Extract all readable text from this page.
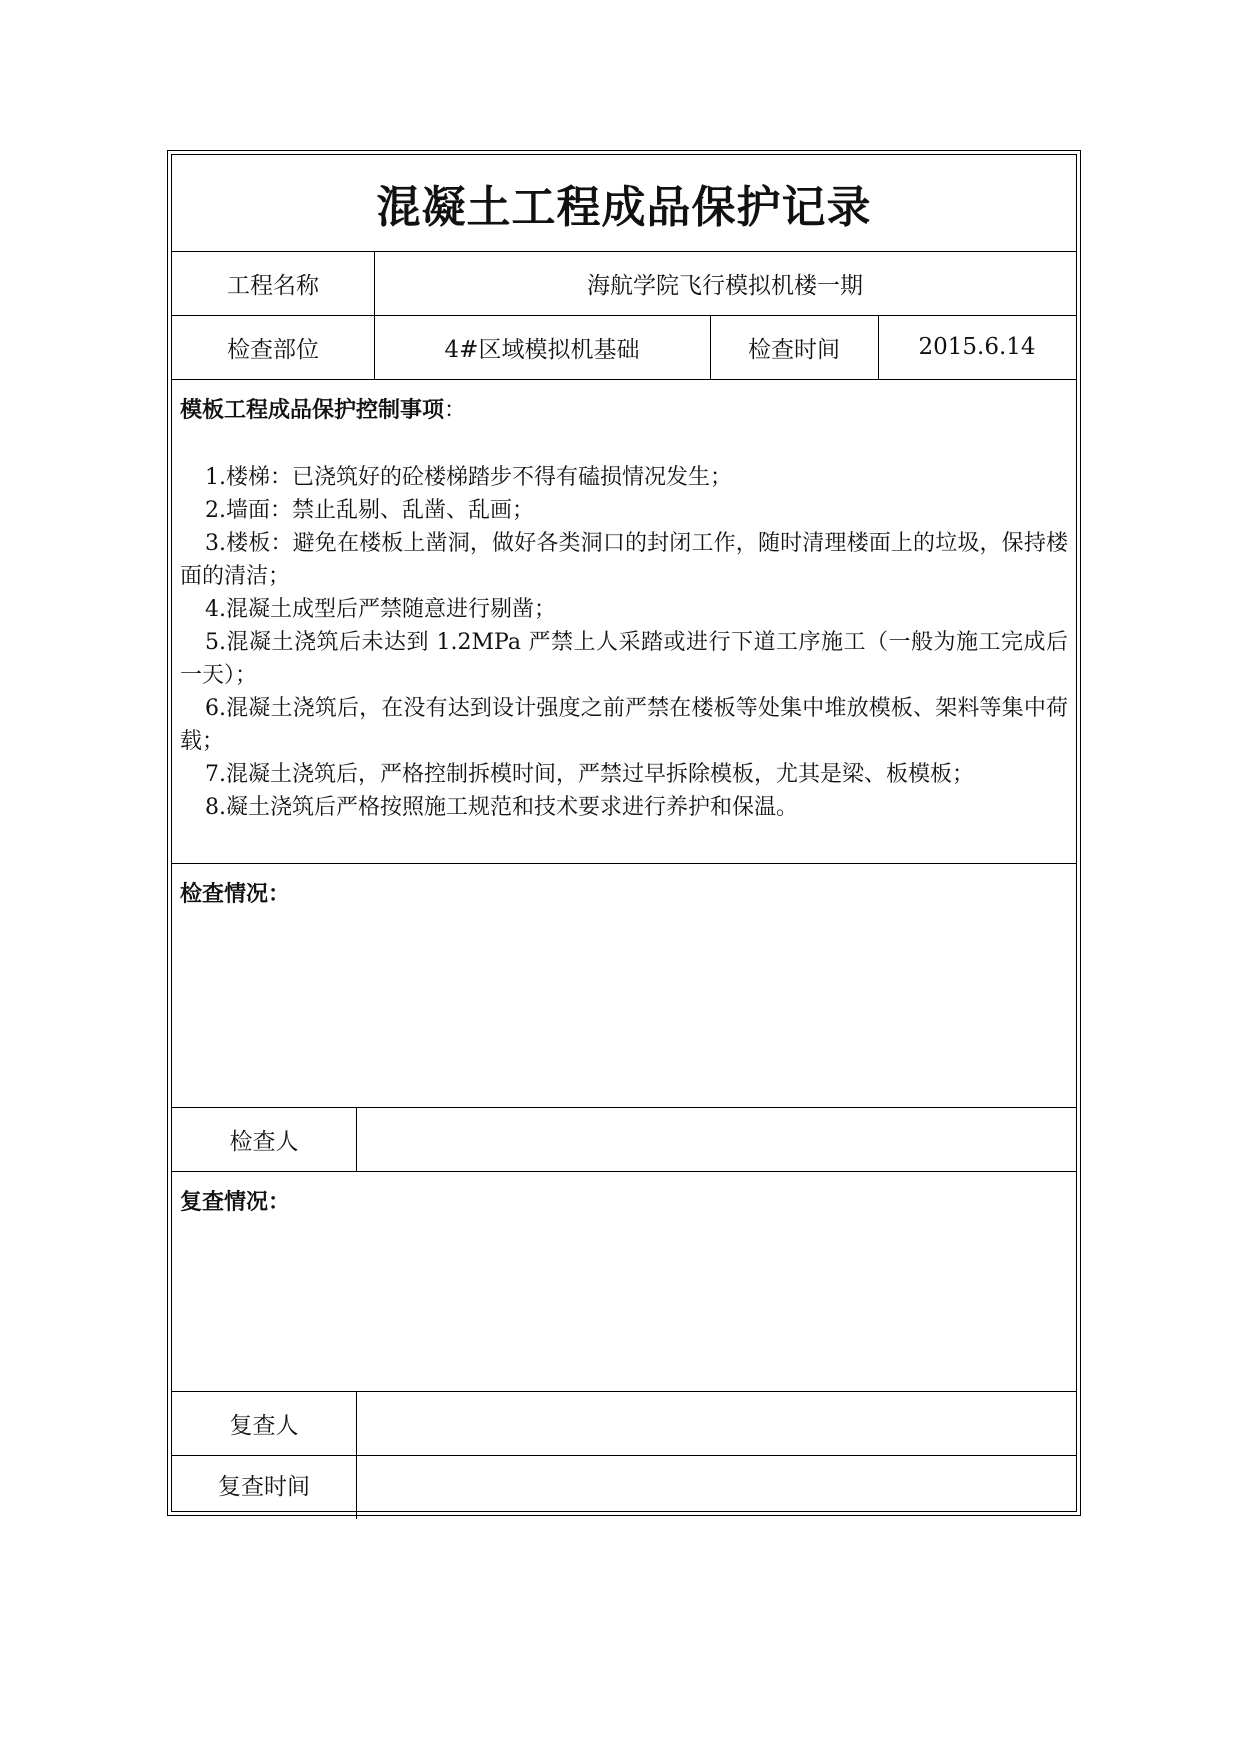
混凝土工程成品保护记录
工程名称	海航学院飞行模拟机楼一期
检查部位	4#区域模拟机基础	检查时间	2015.6.14
模板工程成品保护控制事项：

1.楼梯：已浇筑好的砼楼梯踏步不得有磕损情况发生；

2.墙面：禁止乱剔、乱凿、乱画；

3.楼板：避免在楼板上凿洞，做好各类洞口的封闭工作，随时清理楼面上的垃圾，保持楼面的清洁；

4.混凝土成型后严禁随意进行剔凿；

5.混凝土浇筑后未达到 1.2MPa 严禁上人采踏或进行下道工序施工（一般为施工完成后一天）；

6.混凝土浇筑后，在没有达到设计强度之前严禁在楼板等处集中堆放模板、架料等集中荷载；

7.混凝土浇筑后，严格控制拆模时间，严禁过早拆除模板，尤其是梁、板模板；

8.凝土浇筑后严格按照施工规范和技术要求进行养护和保温。

检查情况：
检查人
复查情况：
复查人
复查时间
